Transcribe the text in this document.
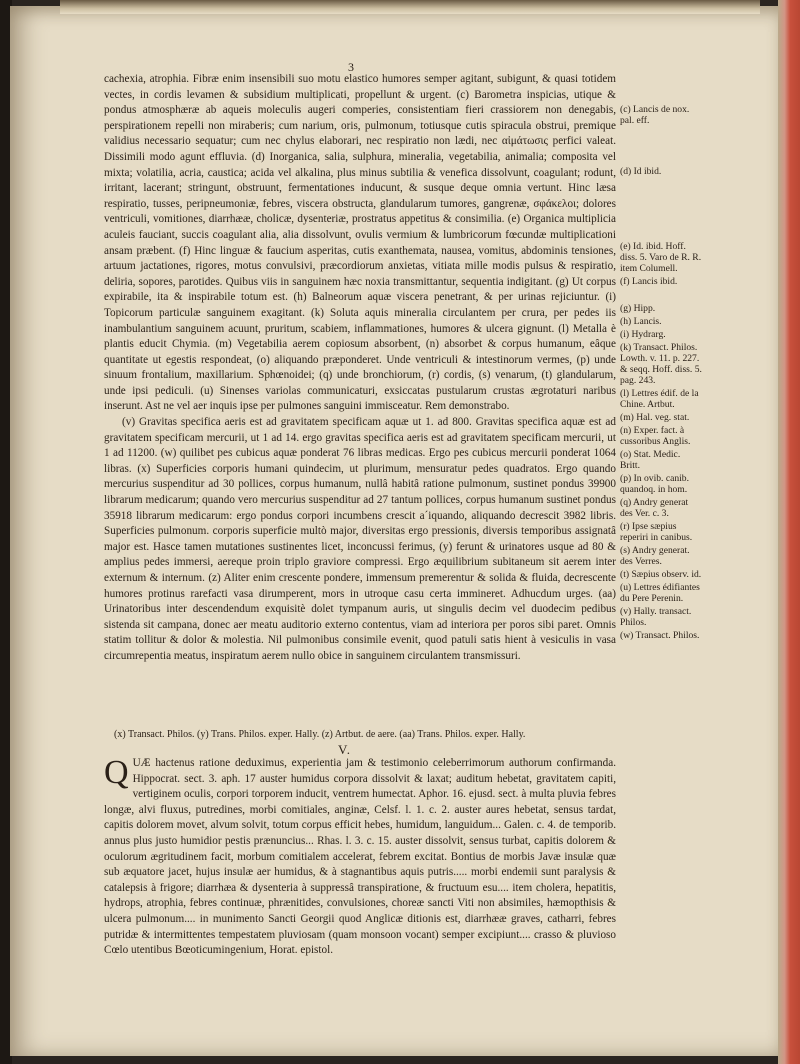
3

cachexia, atrophia. Fibræ enim insensibili suo motu elastico humores semper agitant, subigunt, & quasi totidem vectes, in cordis levamen & subsidium multiplicati, propellunt & urgent. (c) Barometra inspicias, utique & pondus atmosphæræ ab aqueis moleculis augeri comperies, consistentiam fieri crassiorem non denegabis, perspirationem repelli non miraberis; cum narium, oris, pulmonum, totiusque cutis spiracula obstrui, premique validius necessario sequatur; cum nec chylus elaborari, nec respiratio non lædi, nec αἱμάτωσις perfici valeat. Dissimili modo agunt effluvia. (d) Inorganica, salia, sulphura, mineralia, vegetabilia, animalia; composita vel mixta; volatilia, acria, caustica; acida vel alkalina, plus minus subtilia & venefica dissolvunt, coagulant; rodunt, irritant, lacerant; stringunt, obstruunt, fermentationes inducunt, & susque deque omnia vertunt. Hinc læsa respiratio, tusses, peripneumoniæ, febres, viscera obstructa, glandularum tumores, gangrenæ, σφάκελοι; dolores ventriculi, vomitiones, diarrhææ, cholicæ, dysenteriæ, prostratus appetitus & consimilia. (e) Organica multiplicia aculeis fauciant, succis coagulant alia, alia dissolvunt, ovulis vermium & lumbricorum fœcundæ multiplicationi ansam præbent. (f) Hinc linguæ & faucium asperitas, cutis exanthemata, nausea, vomitus, abdominis tensiones, artuum jactationes, rigores, motus convulsivi, præcordiorum anxietas, vitiata mille modis pulsus & respiratio, deliria, sopores, parotides. Quibus viis in sanguinem hæc noxia transmittantur, sequentia indigitant. (g) Ut corpus expirabile, ita & inspirabile totum est. (h) Balneorum aquæ viscera penetrant, & per urinas rejiciuntur. (i) Topicorum particulæ sanguinem exagitant. (k) Soluta aquis mineralia circulantem per crura, per pedes iis inambulantium sanguinem acuunt, pruritum, scabiem, inflammationes, humores & ulcera gignunt. (l) Metalla è plantis educit Chymia. (m) Vegetabilia aerem copiosum absorbent, (n) absorbet & corpus humanum, eâque quantitate ut egestis respondeat, (o) aliquando præponderet. Unde ventriculi & intestinorum vermes, (p) unde sinuum frontalium, maxillarium. Sphœnoidei; (q) unde bronchiorum, (r) cordis, (s) venarum, (t) glandularum, unde ipsi pediculi. (u) Sinenses variolas communicaturi, exsiccatas pustularum crustas ægrotaturi naribus inserunt. Ast ne vel aer inquis ipse per pulmones sanguini immisceatur. Rem demonstrabo.

(v) Gravitas specifica aeris est ad gravitatem specificam aquæ ut 1. ad 800. Gravitas specifica aquæ est ad gravitatem specificam mercurii, ut 1 ad 14. ergo gravitas specifica aeris est ad gravitatem specificam mercurii, ut 1 ad 11200. (w) quilibet pes cubicus aquæ ponderat 76 libras medicas. Ergo pes cubicus mercurii ponderat 1064 libras. (x) Superficies corporis humani quindecim, ut plurimum, mensuratur pedes quadratos. Ergo quando mercurius suspenditur ad 30 pollices, corpus humanum, nullâ habitâ ratione pulmonum, sustinet pondus 39900 librarum medicarum; quando vero mercurius suspenditur ad 27 tantum pollices, corpus humanum sustinet pondus 35918 librarum medicarum: ergo pondus corpori incumbens crescit a´iquando, aliquando decrescit 3982 libris. Superficies pulmonum. corporis superficie multò major, diversitas ergo pressionis, diversis temporibus assignatâ major est. Hasce tamen mutationes sustinentes licet, inconcussi ferimus, (y) ferunt & urinatores usque ad 80 & amplius pedes immersi, aereque proin triplo graviore compressi. Ergo æquilibrium subitaneum sit aerem inter externum & internum. (z) Aliter enim crescente pondere, immensum premerentur & solida & fluida, decrescente humores protinus rarefacti vasa dirumperent, mors in utroque casu certa immineret. Adhucdum urges. (aa) Urinatoribus inter descendendum exquisitè dolet tympanum auris, ut singulis decim vel duodecim pedibus sistenda sit campana, donec aer meatu auditorio externo contentus, viam ad interiora per poros sibi paret. Omnis statim tollitur & dolor & molestia. Nil pulmonibus consimile evenit, quod patuli satis hient à vesiculis in vasa circumrepentia meatus, inspiratum aerem nullo obice in sanguinem circulantem transmissuri.

(c) Lancis de nox. pal. eff.
(d) Id ibid.
(e) Id. ibid. Hoff. diss. 5. Varo de R. R. item Columell.
(f) Lancis ibid.
(g) Hipp.
(h) Lancis.
(i) Hydrarg.
(k) Transact. Philos. Lowth. v. 11. p. 227. & seqq. Hoff. diss. 5. pag. 243.
(l) Lettres édif. de la Chine. Artbut.
(m) Hal. veg. stat.
(n) Exper. fact. à cussoribus Anglis.
(o) Stat. Medic. Britt.
(p) In ovib. canib. quandoq. in hom.
(q) Andry generat des Ver. c. 3.
(r) Ipse sæpius reperiri in canibus.
(s) Andry generat. des Verres.
(t) Sæpius observ. id.
(u) Lettres édifiantes du Pere Perenin.
(v) Hally. transact. Philos.
(w) Transact. Philos.
(x) Transact. Philos. (y) Trans. Philos. exper. Hally. (z) Artbut. de aere. (aa) Trans. Philos. exper. Hally.
V.
Q UÆ hactenus ratione deduximus, experientia jam & testimonio celeberrimorum authorum confirmanda. Hippocrat. sect. 3. aph. 17 auster humidus corpora dissolvit & laxat; auditum hebetat, gravitatem capiti, vertiginem oculis, corpori torporem inducit, ventrem humectat. Aphor. 16. ejusd. sect. à multa pluvia febres longæ, alvi fluxus, putredines, morbi comitiales, anginæ, Celsf. l. 1. c. 2. auster aures hebetat, sensus tardat, capitis dolorem movet, alvum solvit, totum corpus efficit hebes, humidum, languidum... Galen. c. 4. de temporib. annus plus justo humidior pestis prænuncius... Rhas. l. 3. c. 15. auster dissolvit, sensus turbat, capitis dolorem & oculorum ægritudinem facit, morbum comitialem accelerat, febrem excitat. Bontius de morbis Javæ insulæ quæ sub æquatore jacet, hujus insulæ aer humidus, & à stagnantibus aquis putris..... morbi endemii sunt paralysis & catalepsis à frigore; diarrhæa & dysenteria à suppressâ transpiratione, & fructuum esu.... item cholera, hepatitis, hydrops, atrophia, febres continuæ, phrænitides, convulsiones, choreæ sancti Viti non absimiles, hæmopthisis & ulcera pulmonum.... in munimento Sancti Georgii quod Anglicæ ditionis est, diarrhææ graves, catharri, febres putridæ & intermittentes tempestatem pluviosam (quam monsoon vocant) semper excipiunt.... crasso & pluvioso Cœlo utentibus Bœoticumingenium, Horat. epistol.
